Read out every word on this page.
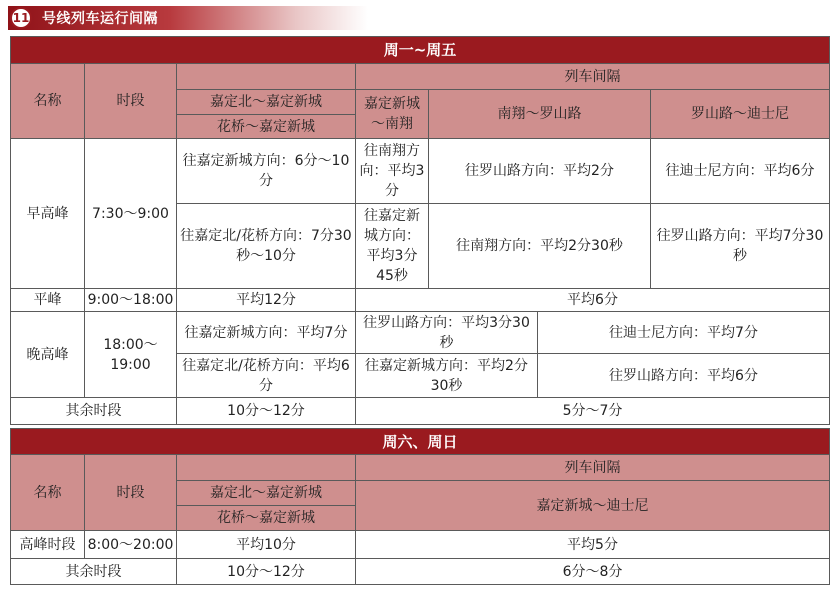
11 号线列车运行间隔
周一~周五						
名称	时段		列车间隔			
		嘉定北～嘉定新城	嘉定新城～南翔	南翔～罗山路		罗山路～迪士尼
		花桥～嘉定新城				
早高峰	7:30～9:00	往嘉定新城方向：6分～10分	往南翔方向：平均3分	往罗山路方向：平均2分		往迪士尼方向：平均6分
		往嘉定北/花桥方向：7分30秒～10分	往嘉定新城方向：平均3分45秒	往南翔方向：平均2分30秒		往罗山路方向：平均7分30秒
平峰	9:00～18:00	平均12分	平均6分			
晚高峰	18:00～19:00	往嘉定新城方向：平均7分	往罗山路方向：平均3分30秒		往迪士尼方向：平均7分	
		往嘉定北/花桥方向：平均6分	往嘉定新城方向：平均2分30秒		往罗山路方向：平均6分	
其余时段		10分～12分	5分～7分			
周六、周日			
名称	时段		列车间隔
		嘉定北～嘉定新城	嘉定新城～迪士尼
		花桥～嘉定新城	
高峰时段	8:00～20:00	平均10分	平均5分
其余时段		10分～12分	6分～8分
